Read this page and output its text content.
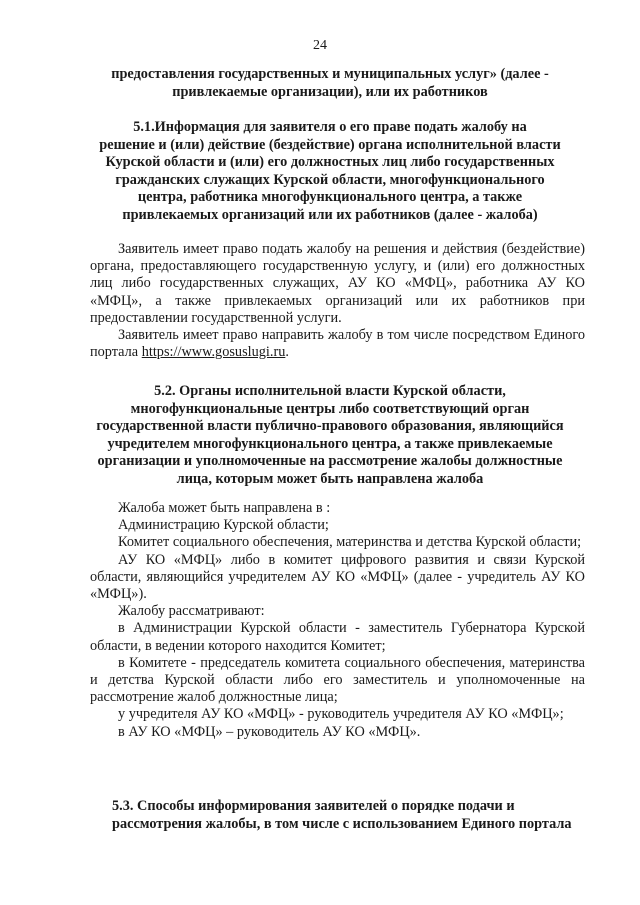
24
предоставления государственных и муниципальных услуг» (далее -
привлекаемые организации), или их работников
5.1.Информация для заявителя о его праве подать жалобу на
решение и (или) действие (бездействие) органа исполнительной власти
Курской области и (или) его должностных лиц либо государственных
гражданских служащих Курской области, многофункционального
центра, работника многофункционального центра, а также
привлекаемых организаций или их работников (далее - жалоба)

Заявитель имеет право подать жалобу на решения и действия (бездействие) органа, предоставляющего государственную услугу, и (или) его должностных лиц либо государственных служащих, АУ КО «МФЦ», работника АУ КО «МФЦ», а также привлекаемых организаций или их работников при предоставлении государственной услуги.

Заявитель имеет право направить жалобу в том числе посредством Единого портала https://www.gosuslugi.ru.

5.2. Органы исполнительной власти Курской области,
многофункциональные центры либо соответствующий орган
государственной власти публично-правового образования, являющийся
учредителем многофункционального центра, а также привлекаемые
организации и уполномоченные на рассмотрение жалобы должностные
лица, которым может быть направлена жалоба
Жалоба может быть направлена в :
Администрацию Курской области;
Комитет социального обеспечения, материнства и детства Курской области;
АУ КО «МФЦ» либо в комитет цифрового развития и связи Курской области, являющийся учредителем АУ КО «МФЦ» (далее - учредитель АУ КО «МФЦ»).
Жалобу рассматривают:
в Администрации Курской области - заместитель Губернатора Курской области, в ведении которого находится Комитет;
в Комитете - председатель комитета социального обеспечения, материнства и детства Курской области либо его заместитель и уполномоченные на рассмотрение жалоб должностные лица;
у учредителя АУ КО «МФЦ» - руководитель учредителя АУ КО «МФЦ»;
в АУ КО «МФЦ» – руководитель АУ КО «МФЦ».
5.3. Способы информирования заявителей о порядке подачи и
рассмотрения жалобы, в том числе с использованием Единого портала
